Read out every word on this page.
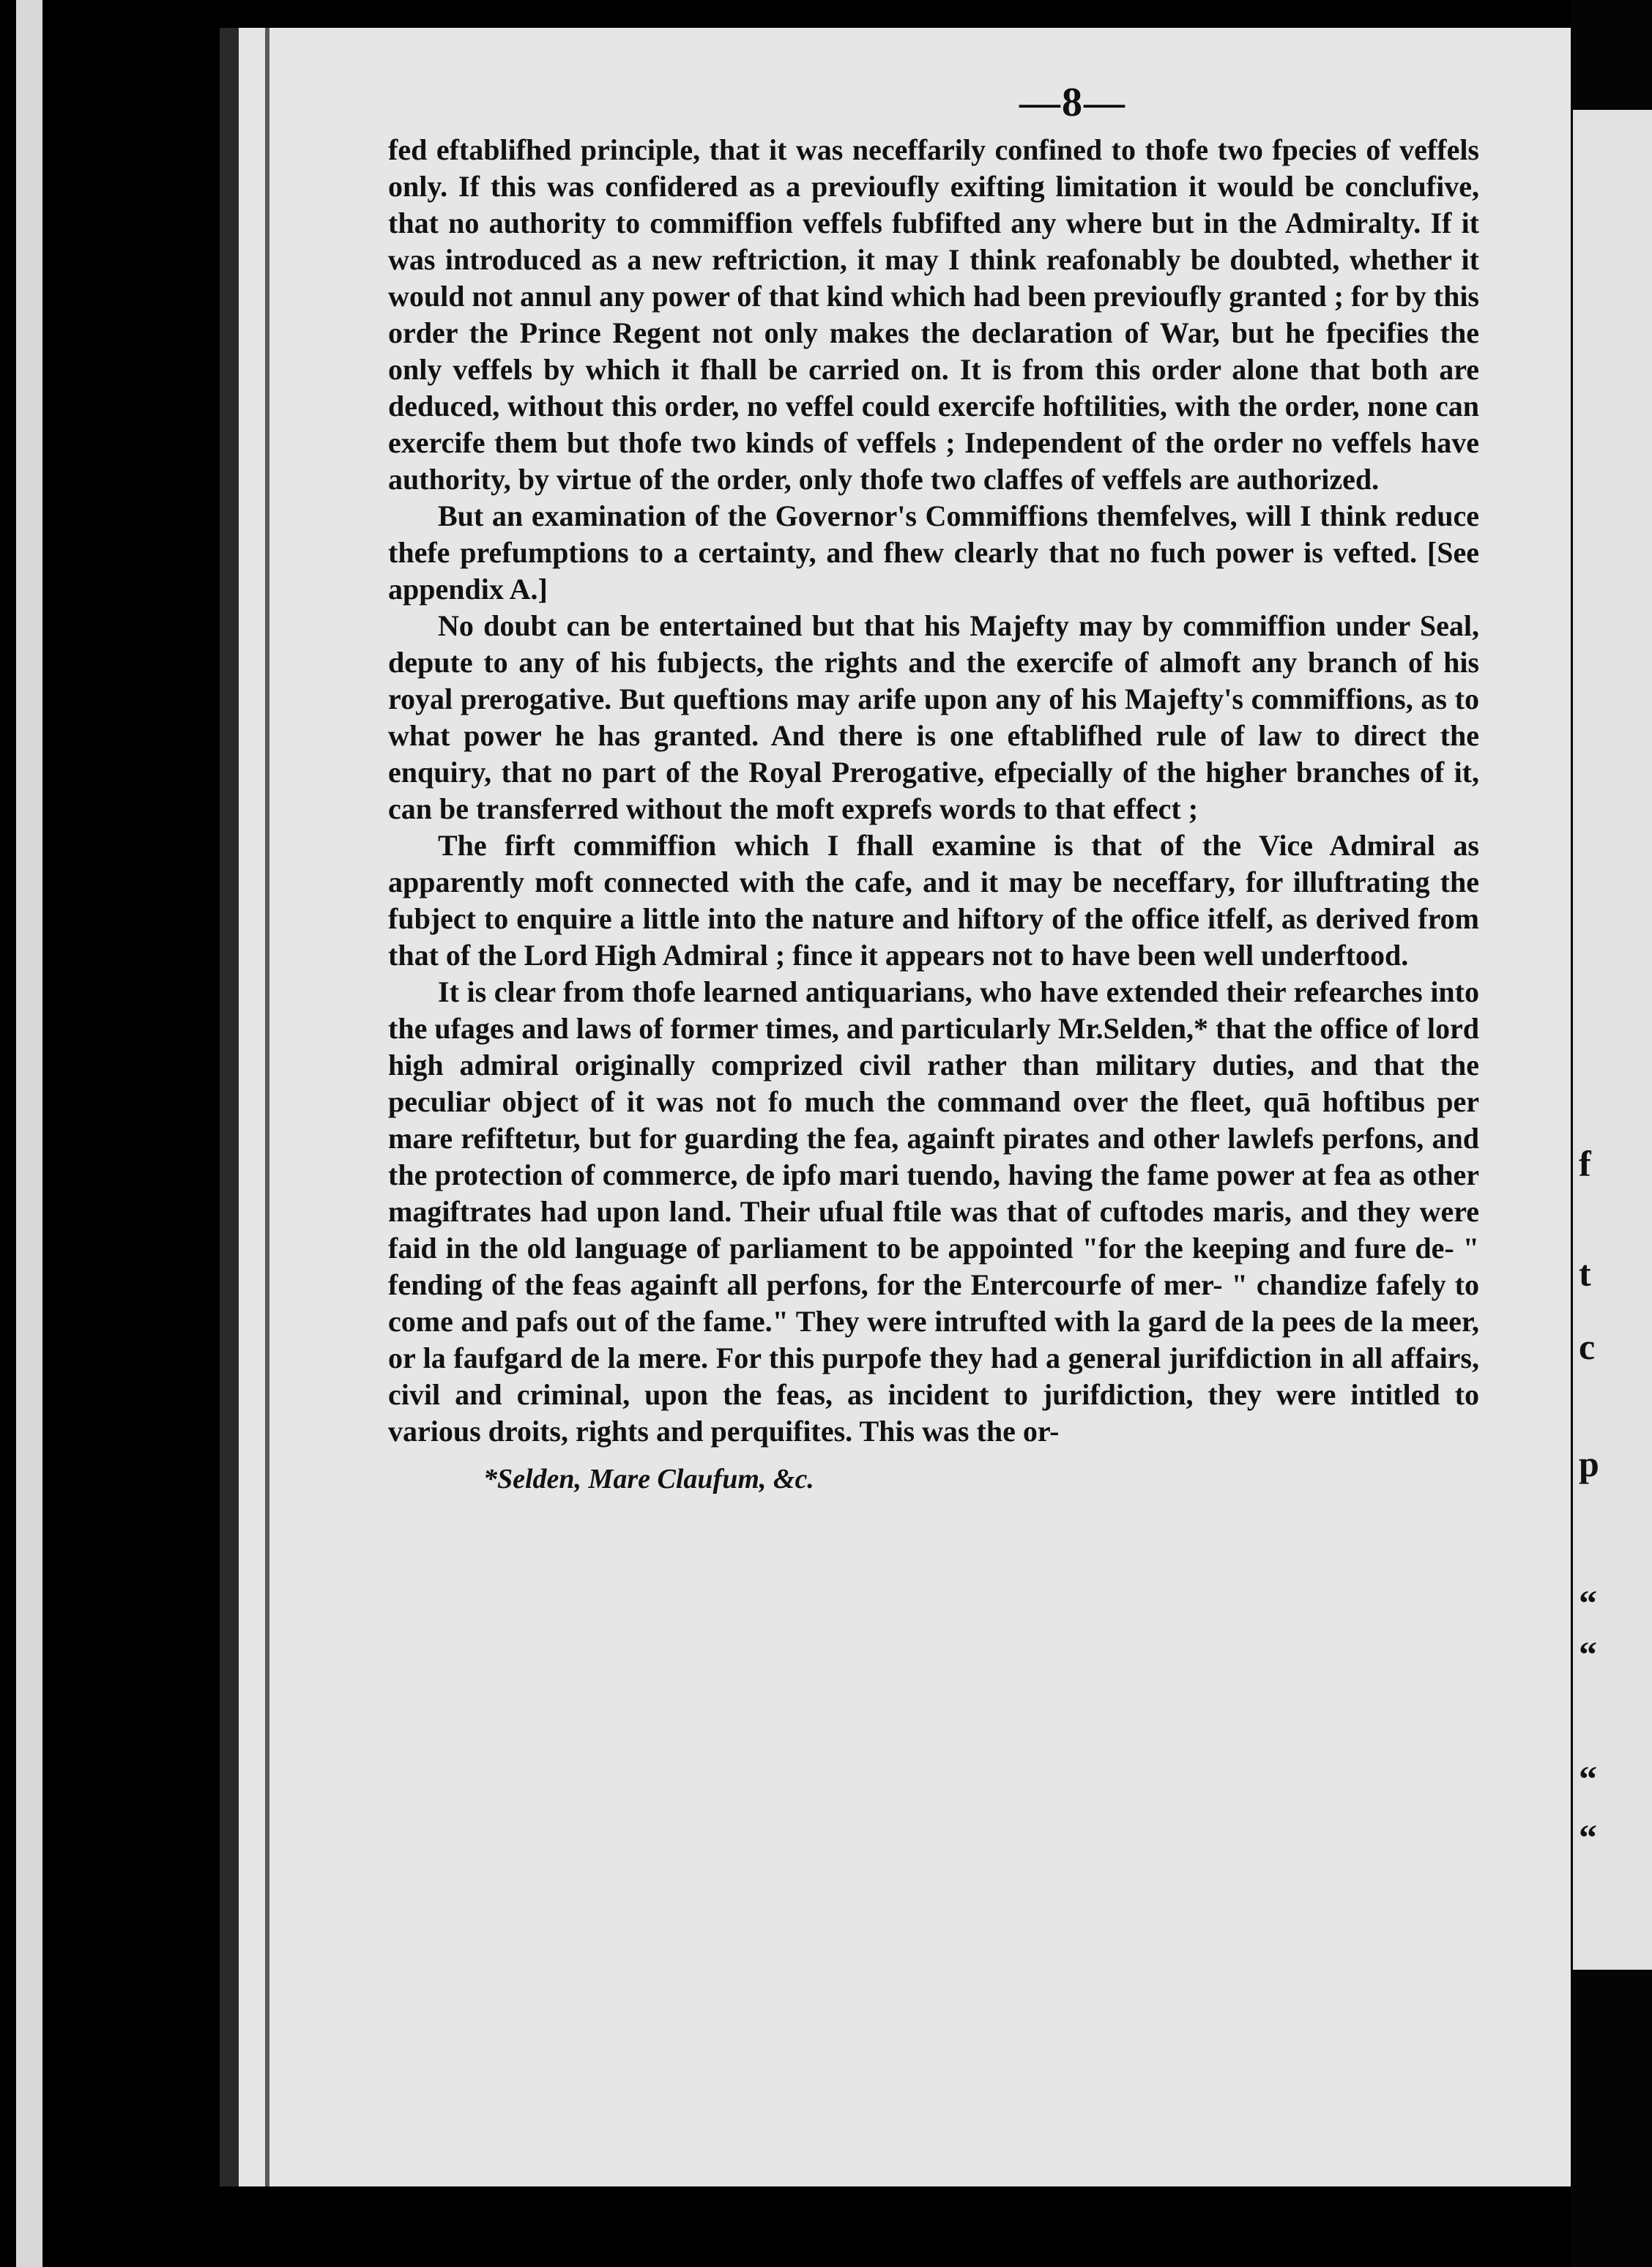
f
t
c
p
“
“
“
“
—8—

fed eftablifhed principle, that it was neceffarily confined to thofe two fpecies of veffels only. If this was confidered as a previoufly exifting limitation it would be conclufive, that no authority to commiffion veffels fubfifted any where but in the Admiralty. If it was introduced as a new reftriction, it may I think reafonably be doubted, whether it would not annul any power of that kind which had been previoufly granted ; for by this order the Prince Regent not only makes the declaration of War, but he fpecifies the only veffels by which it fhall be carried on. It is from this order alone that both are deduced, without this order, no veffel could exercife hoftilities, with the order, none can exercife them but thofe two kinds of veffels ; Independent of the order no veffels have authority, by virtue of the order, only thofe two claffes of veffels are authorized.

But an examination of the Governor's Commiffions themfelves, will I think reduce thefe prefumptions to a certainty, and fhew clearly that no fuch power is vefted. [See appendix A.]

No doubt can be entertained but that his Majefty may by commiffion under Seal, depute to any of his fubjects, the rights and the exercife of almoft any branch of his royal prerogative. But queftions may arife upon any of his Majefty's commiffions, as to what power he has granted. And there is one eftablifhed rule of law to direct the enquiry, that no part of the Royal Prerogative, efpecially of the higher branches of it, can be transferred without the moft exprefs words to that effect ;

The firft commiffion which I fhall examine is that of the Vice Admiral as apparently moft connected with the cafe, and it may be neceffary, for illuftrating the fubject to enquire a little into the nature and hiftory of the office itfelf, as derived from that of the Lord High Admiral ; fince it appears not to have been well underftood.

It is clear from thofe learned antiquarians, who have extended their refearches into the ufages and laws of former times, and particularly Mr.Selden,* that the office of lord high admiral originally comprized civil rather than military duties, and that the peculiar object of it was not fo much the command over the fleet, quā hoftibus per mare refiftetur, but for guarding the fea, againft pirates and other lawlefs perfons, and the protection of commerce, de ipfo mari tuendo, having the fame power at fea as other magiftrates had upon land. Their ufual ftile was that of cuftodes maris, and they were faid in the old language of parliament to be appointed "for the keeping and fure de- " fending of the feas againft all perfons, for the Entercourfe of mer- " chandize fafely to come and pafs out of the fame." They were intrufted with la gard de la pees de la meer, or la faufgard de la mere. For this purpofe they had a general jurifdiction in all affairs, civil and criminal, upon the feas, as incident to jurifdiction, they were intitled to various droits, rights and perquifites. This was the or-

*Selden, Mare Claufum, &c.
